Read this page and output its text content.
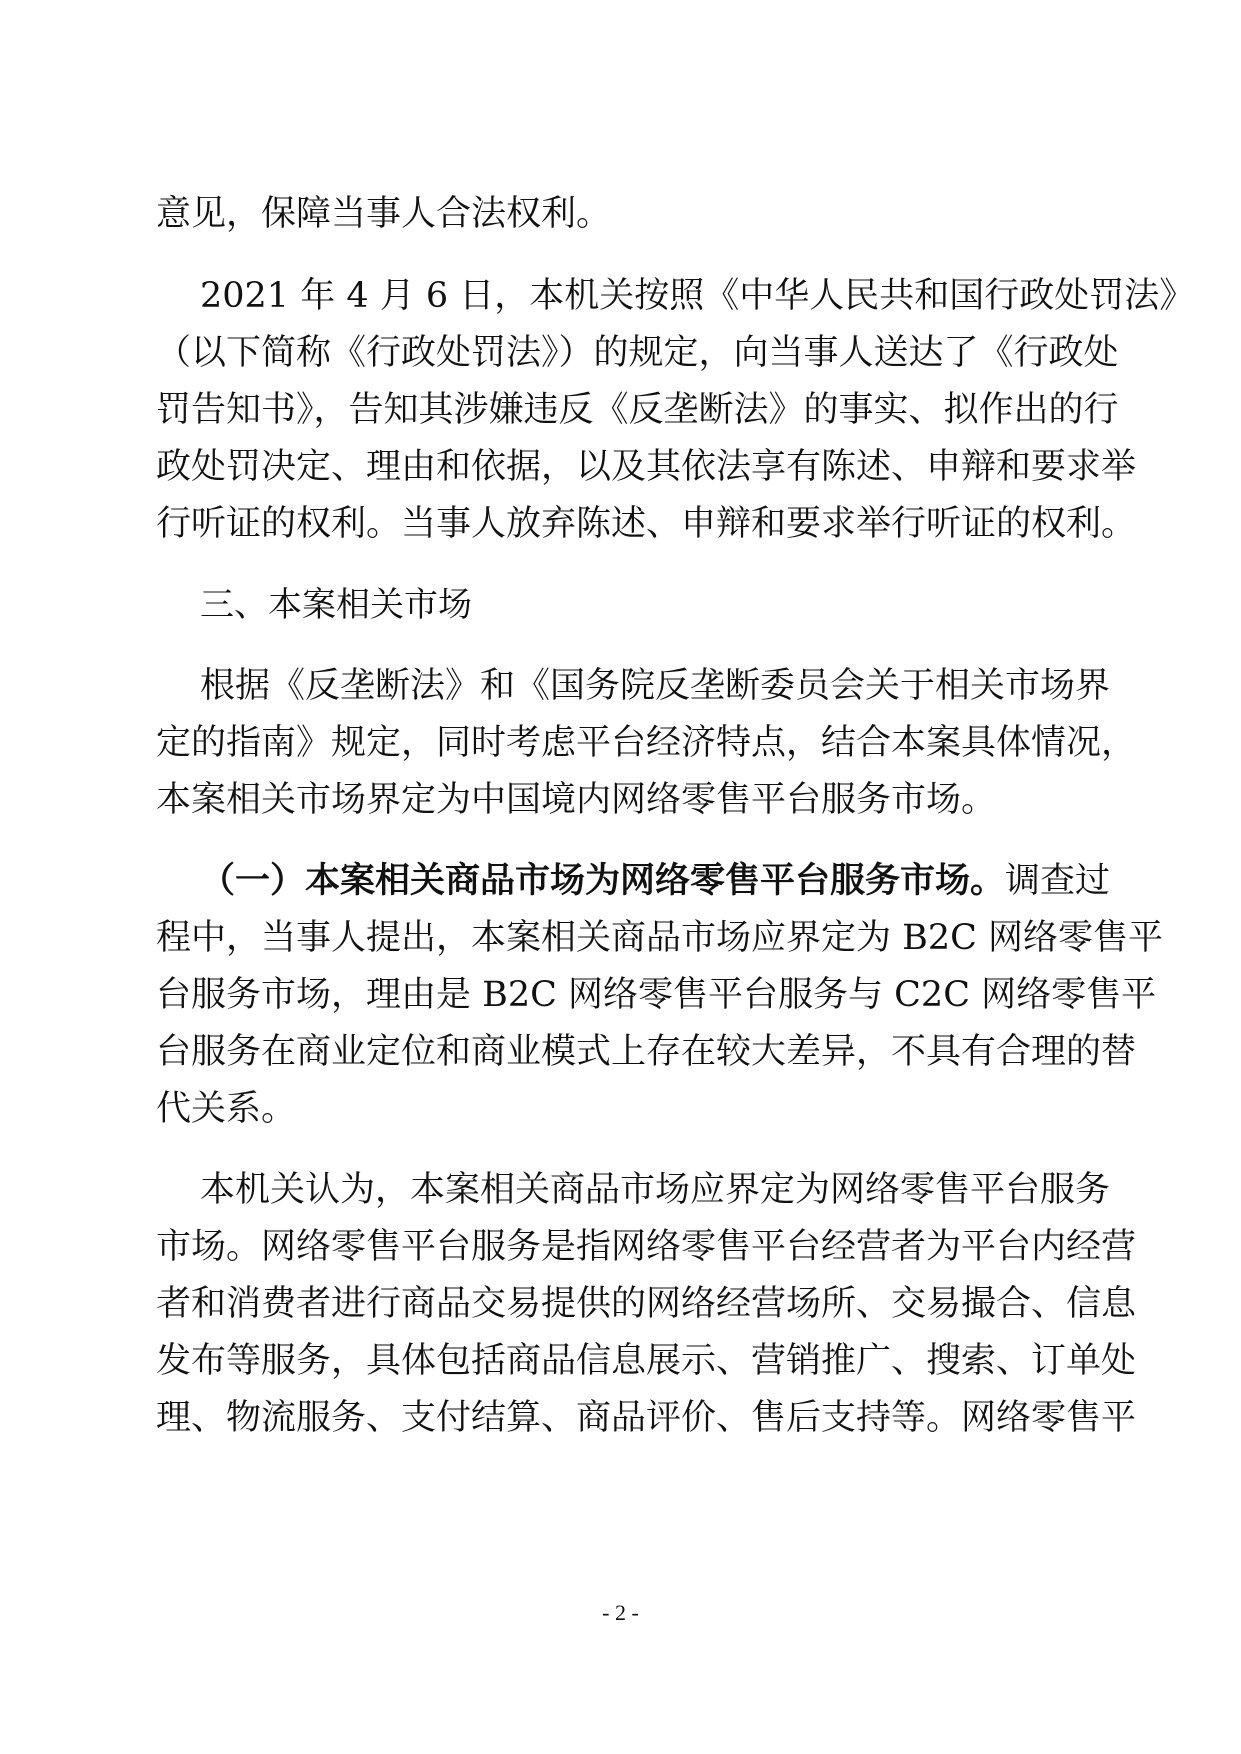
意见，保障当事人合法权利。
2021 年 4 月 6 日，本机关按照《中华人民共和国行政处罚法》
（以下简称《行政处罚法》）的规定，向当事人送达了《行政处
罚告知书》，告知其涉嫌违反《反垄断法》的事实、拟作出的行
政处罚决定、理由和依据，以及其依法享有陈述、申辩和要求举
行听证的权利。当事人放弃陈述、申辩和要求举行听证的权利。
三、本案相关市场
根据《反垄断法》和《国务院反垄断委员会关于相关市场界
定的指南》规定，同时考虑平台经济特点，结合本案具体情况，
本案相关市场界定为中国境内网络零售平台服务市场。
（一）本案相关商品市场为网络零售平台服务市场。调查过
程中，当事人提出，本案相关商品市场应界定为 B2C 网络零售平
台服务市场，理由是 B2C 网络零售平台服务与 C2C 网络零售平
台服务在商业定位和商业模式上存在较大差异，不具有合理的替
代关系。
本机关认为，本案相关商品市场应界定为网络零售平台服务
市场。网络零售平台服务是指网络零售平台经营者为平台内经营
者和消费者进行商品交易提供的网络经营场所、交易撮合、信息
发布等服务，具体包括商品信息展示、营销推广、搜索、订单处
理、物流服务、支付结算、商品评价、售后支持等。网络零售平
- 2 -
